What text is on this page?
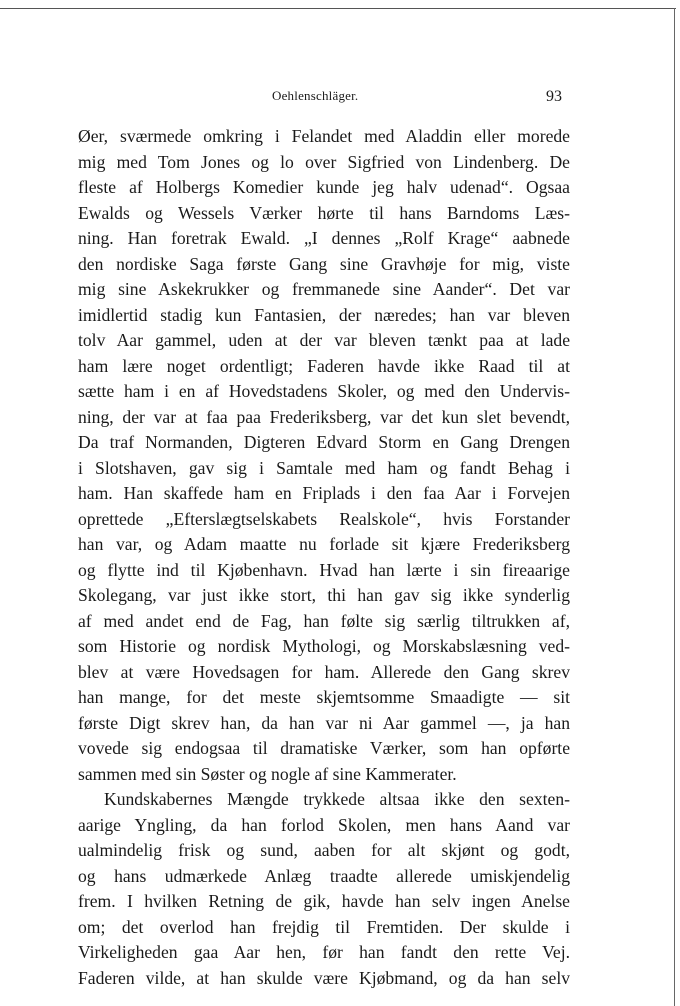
Oehlenschläger.	93
Øer, sværmede omkring i Felandet med Aladdin eller morede
mig med Tom Jones og lo over Sigfried von Lindenberg. De
fleste af Holbergs Komedier kunde jeg halv udenad“. Ogsaa
Ewalds og Wessels Værker hørte til hans Barndoms Læs-
ning. Han foretrak Ewald. „I dennes „Rolf Krage“ aabnede
den nordiske Saga første Gang sine Gravhøje for mig, viste
mig sine Askekrukker og fremmanede sine Aander“. Det var
imidlertid stadig kun Fantasien, der næredes; han var bleven
tolv Aar gammel, uden at der var bleven tænkt paa at lade
ham lære noget ordentligt; Faderen havde ikke Raad til at
sætte ham i en af Hovedstadens Skoler, og med den Undervis-
ning, der var at faa paa Frederiksberg, var det kun slet bevendt,
Da traf Normanden, Digteren Edvard Storm en Gang Drengen
i Slotshaven, gav sig i Samtale med ham og fandt Behag i
ham. Han skaffede ham en Friplads i den faa Aar i Forvejen
oprettede „Efterslægtselskabets Realskole“, hvis Forstander
han var, og Adam maatte nu forlade sit kjære Frederiksberg
og flytte ind til Kjøbenhavn. Hvad han lærte i sin fireaarige
Skolegang, var just ikke stort, thi han gav sig ikke synderlig
af med andet end de Fag, han følte sig særlig tiltrukken af,
som Historie og nordisk Mythologi, og Morskabslæsning ved-
blev at være Hovedsagen for ham. Allerede den Gang skrev
han mange, for det meste skjemtsomme Smaadigte — sit
første Digt skrev han, da han var ni Aar gammel —, ja han
vovede sig endogsaa til dramatiske Værker, som han opførte
sammen med sin Søster og nogle af sine Kammerater.
Kundskabernes Mængde trykkede altsaa ikke den sexten-
aarige Yngling, da han forlod Skolen, men hans Aand var
ualmindelig frisk og sund, aaben for alt skjønt og godt,
og hans udmærkede Anlæg traadte allerede umiskjendelig
frem. I hvilken Retning de gik, havde han selv ingen Anelse
om; det overlod han frejdig til Fremtiden. Der skulde i
Virkeligheden gaa Aar hen, før han fandt den rette Vej.
Faderen vilde, at han skulde være Kjøbmand, og da han selv
